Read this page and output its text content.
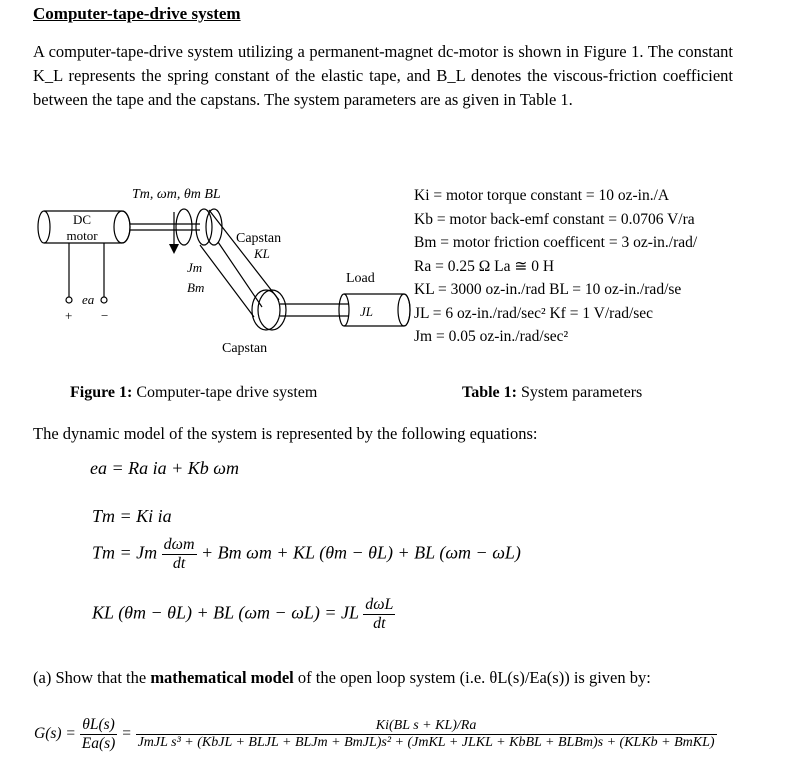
Computer-tape-drive system
A computer-tape-drive system utilizing a permanent-magnet dc-motor is shown in Figure 1. The constant K_L represents the spring constant of the elastic tape, and B_L denotes the viscous-friction coefficient between the tape and the capstans. The system parameters are as given in Table 1.
Tm, ωm, θm BL
DC
motor
Jm
Bm
Capstan
KL
Load
JL
Capstan
ea
+ −
Ki = motor torque constant = 10 oz-in./A
Kb = motor back-emf constant = 0.0706 V/ra
Bm = motor friction coefficent = 3 oz-in./rad/
Ra = 0.25 Ω La ≅ 0 H
KL = 3000 oz-in./rad BL = 10 oz-in./rad/se
JL = 6 oz-in./rad/sec² Kf = 1 V/rad/sec
Jm = 0.05 oz-in./rad/sec²
Figure 1: Computer-tape drive system	Table 1: System parameters
The dynamic model of the system is represented by the following equations:
ea = Ra ia + Kb ωm
Tm = Ki ia
Tm = Jm $\frac{\text{dωm}}{dt} + Bm$ ωm + KL (θm − θL) + BL (ωm − ωL)
KL (θm − θL) + BL (ωm − ωL) = JL $\frac{\text{dωL}}{dt}$
(a) Show that the mathematical model of the open loop system (i.e. θL(s)/Ea(s)) is given by:
$G(s) = \frac{\theta L(s)}{Ea(s)}$ =	Ki(BL s + KL)/Ra
JmJL s³ + (KbJL + BLJL + BLJm + BmJL)s² + (JmKL + JLKL + KbBL + BLBm)s + (KLKb + BmKL)
